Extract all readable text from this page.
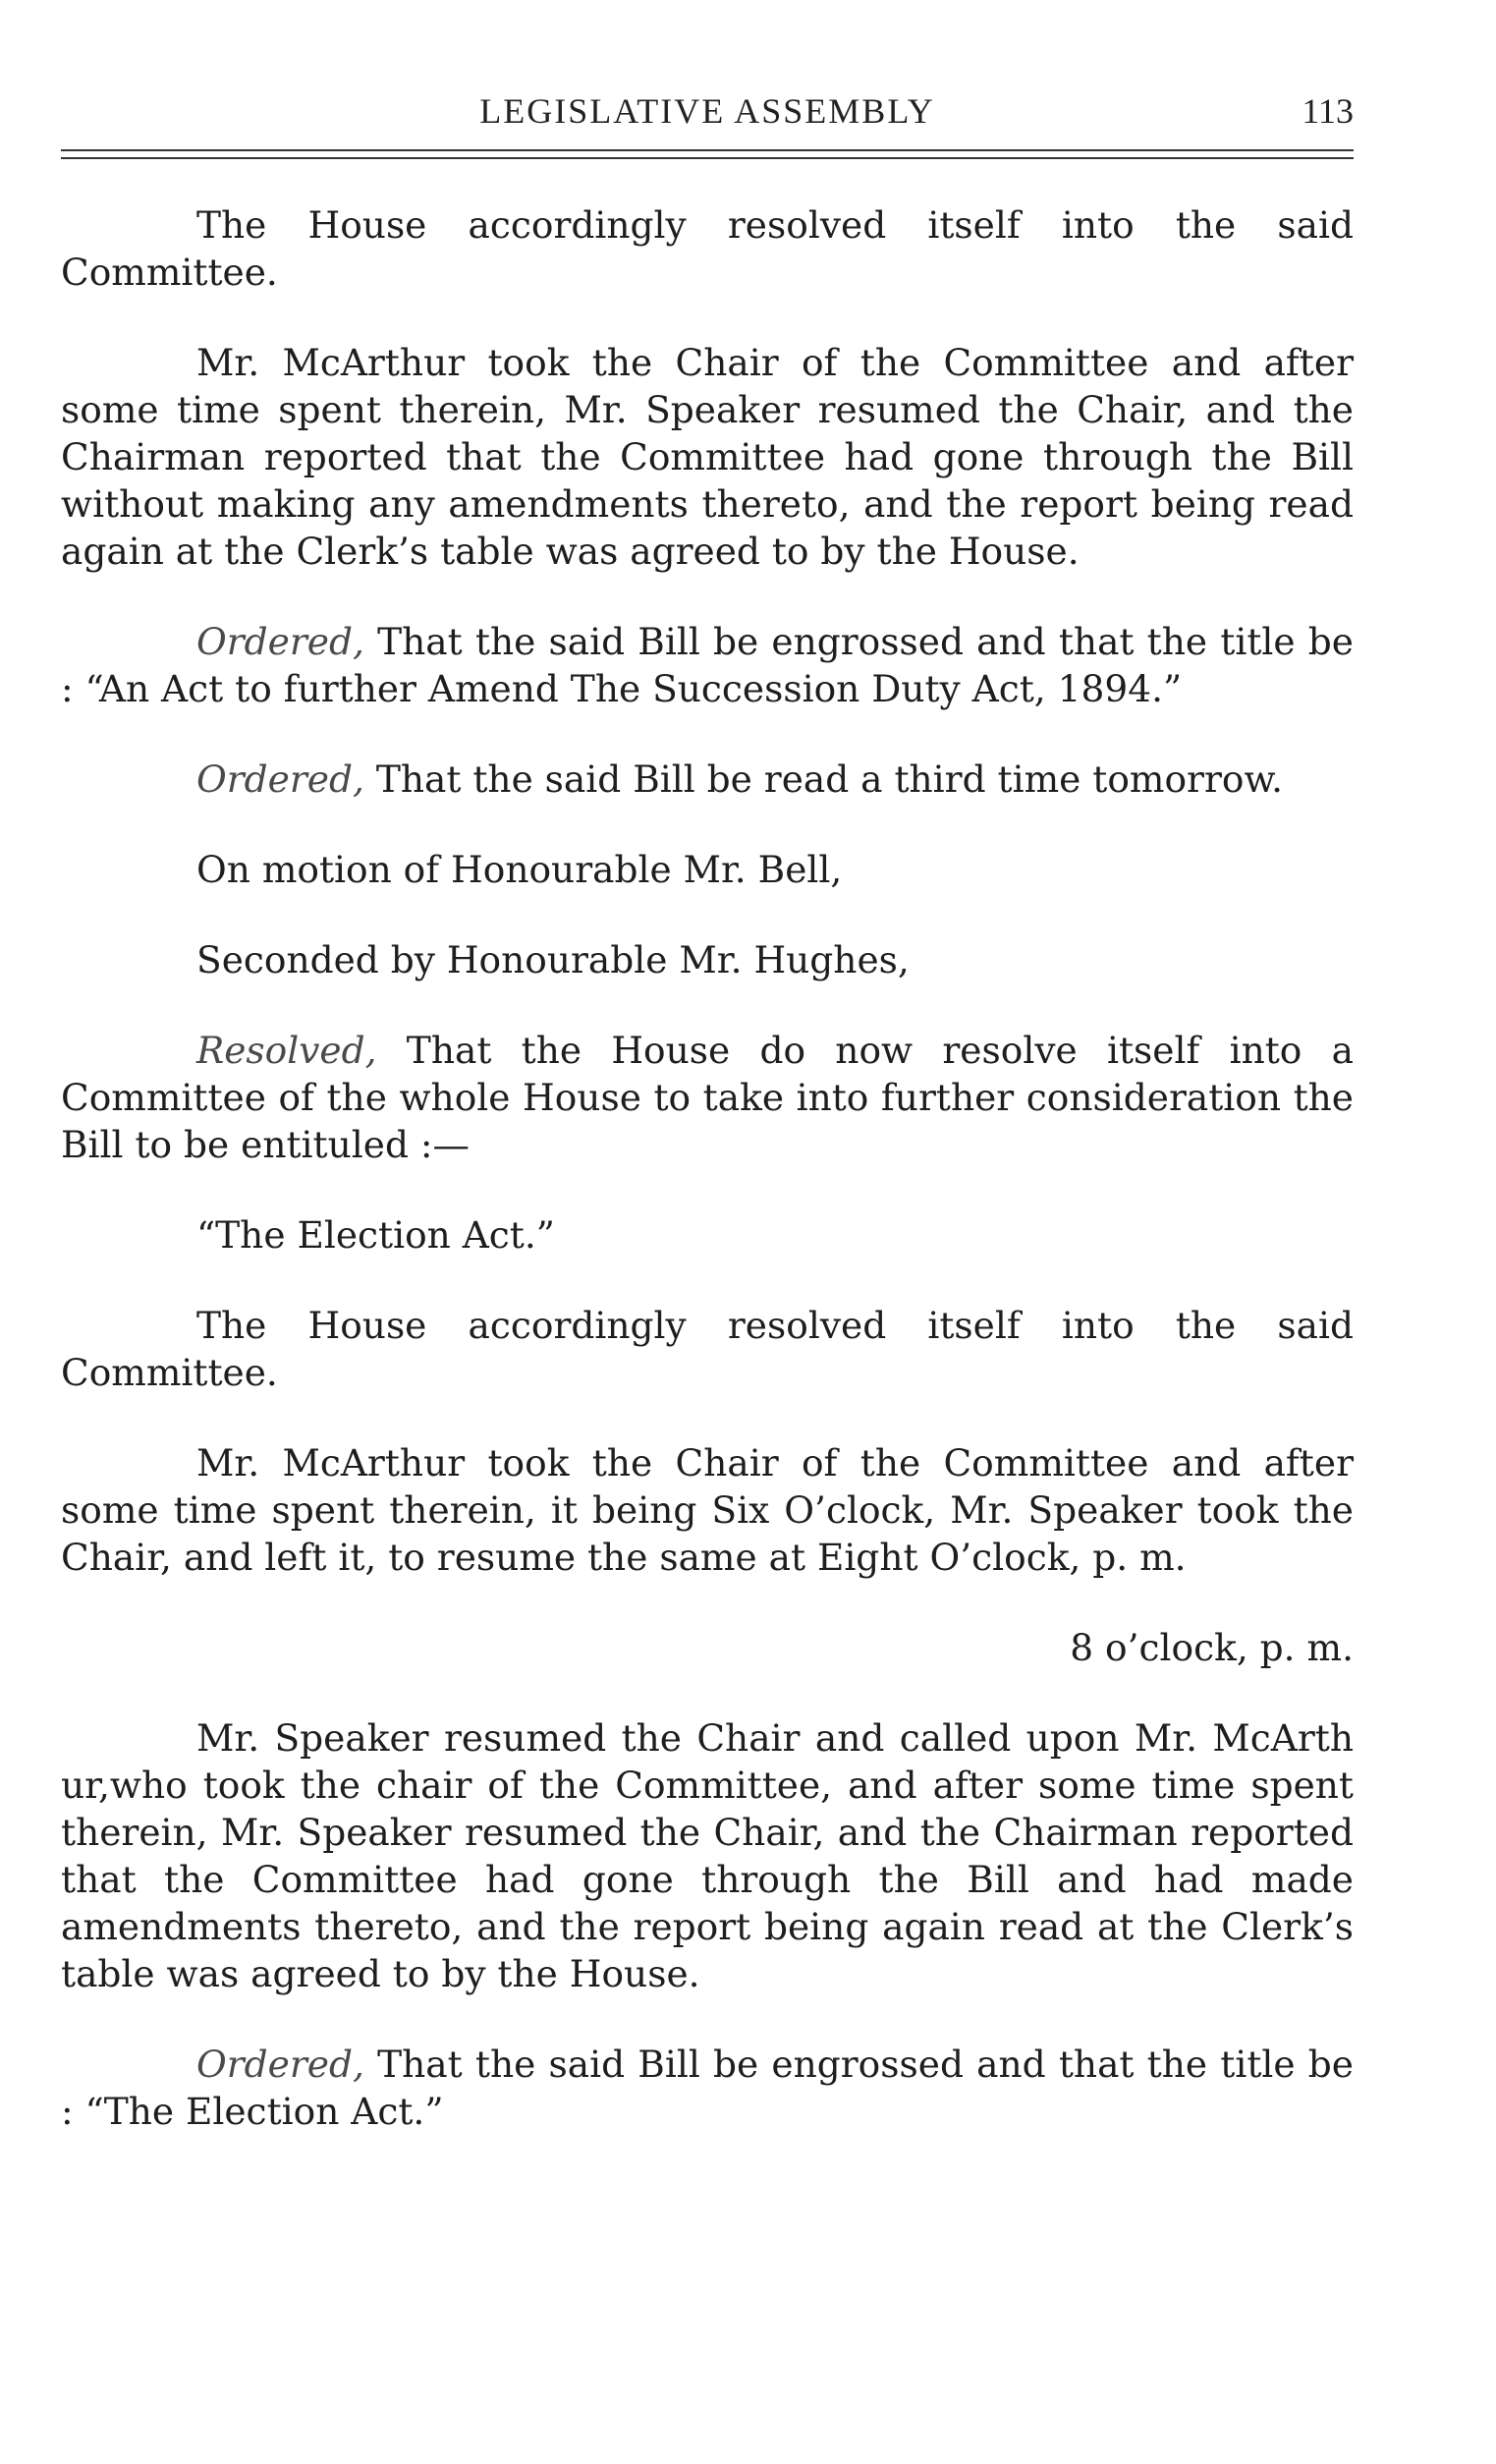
LEGISLATIVE ASSEMBLY	113

The House accordingly resolved itself into the said Committee.

Mr. McArthur took the Chair of the Committee and after some time spent therein, Mr. Speaker resumed the Chair, and the Chairman reported that the Committee had gone through the Bill without making any amendments thereto, and the report being read again at the Clerk’s table was agreed to by the House.

Ordered, That the said Bill be engrossed and that the title be : “An Act to further Amend The Succession Duty Act, 1894.”

Ordered, That the said Bill be read a third time tomorrow.

On motion of Honourable Mr. Bell,

Seconded by Honourable Mr. Hughes,

Resolved, That the House do now resolve itself into a Committee of the whole House to take into further consideration the Bill to be entituled :—

“The Election Act.”

The House accordingly resolved itself into the said Committee.

Mr. McArthur took the Chair of the Committee and after some time spent therein, it being Six O’clock, Mr. Speaker took the Chair, and left it, to resume the same at Eight O’clock, p. m.

8 o’clock, p. m.

Mr. Speaker resumed the Chair and called upon Mr. McArth ur,who took the chair of the Committee, and after some time spent therein, Mr. Speaker resumed the Chair, and the Chairman reported that the Committee had gone through the Bill and had made amendments thereto, and the report being again read at the Clerk’s table was agreed to by the House.

Ordered, That the said Bill be engrossed and that the title be : “The Election Act.”
